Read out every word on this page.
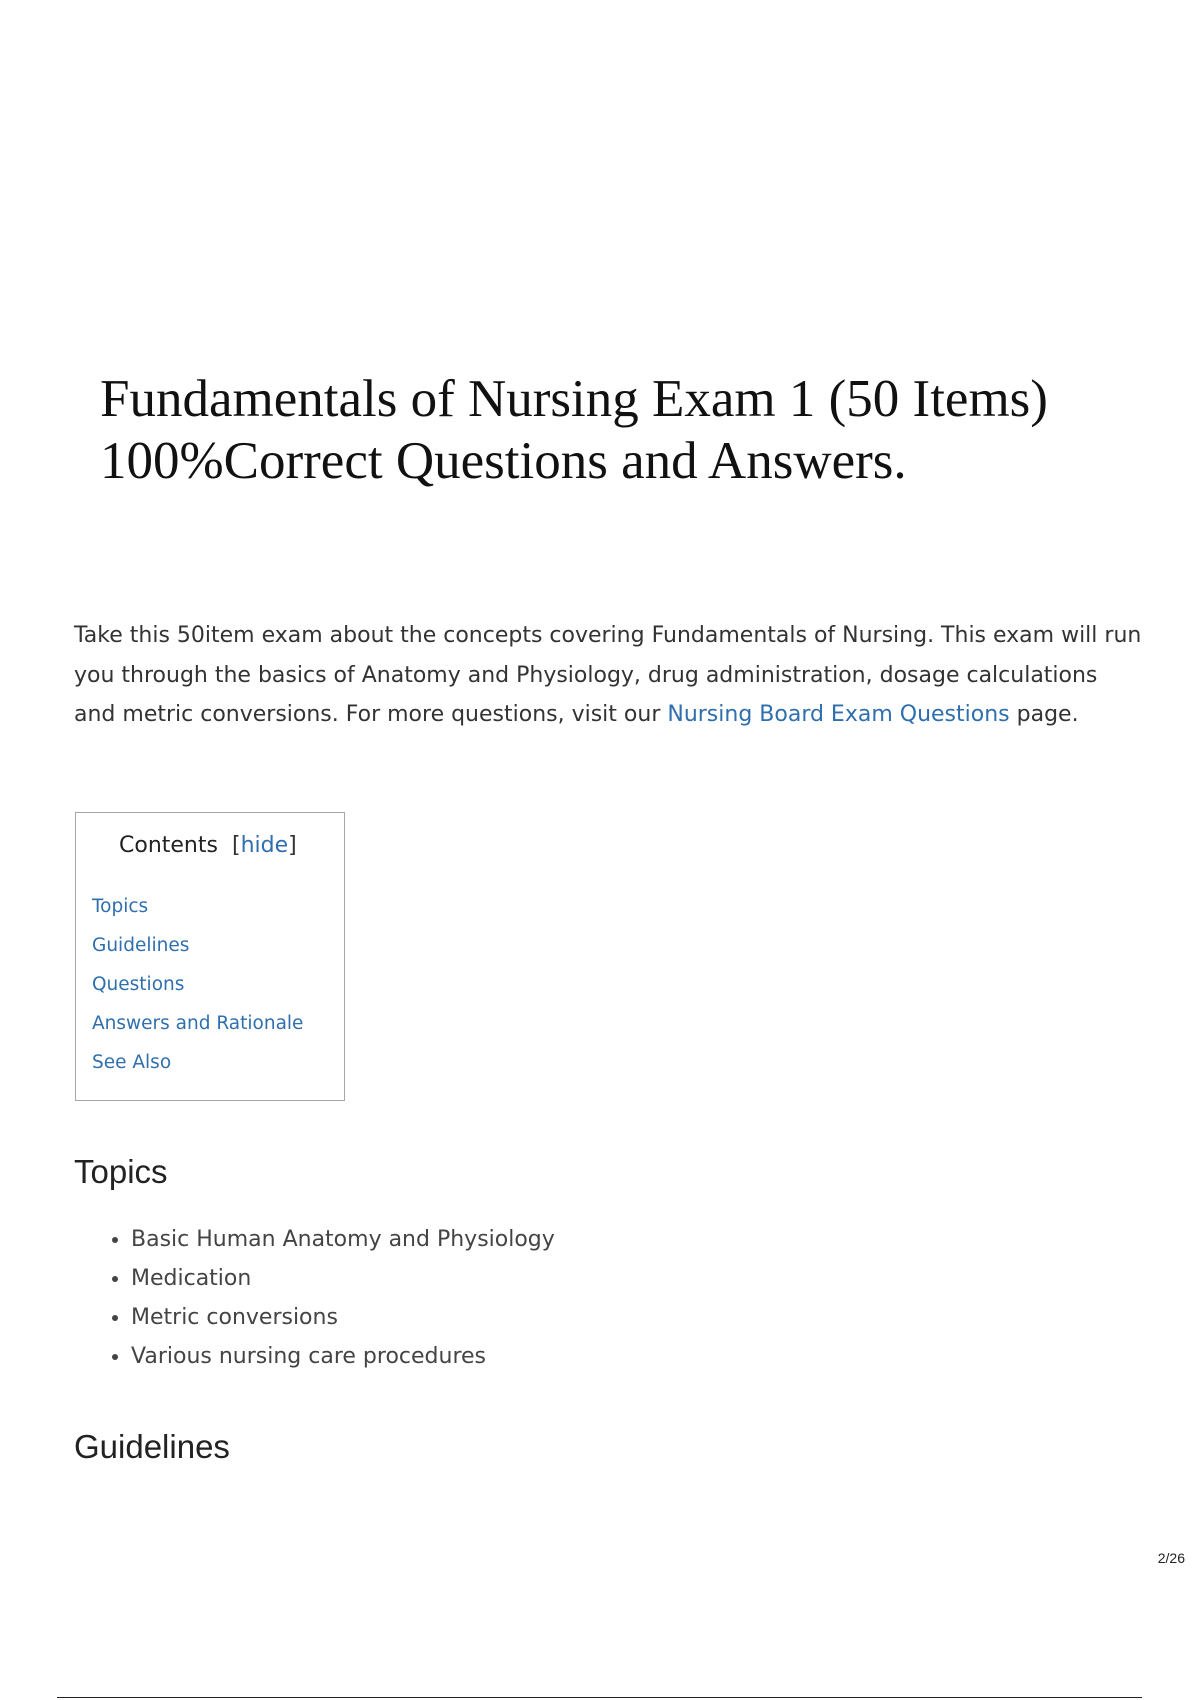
Fundamentals of Nursing Exam 1 (50 Items)
100%Correct Questions and Answers.

Take this 50item exam about the concepts covering Fundamentals of Nursing. This exam will run you through the basics of Anatomy and Physiology, drug administration, dosage calculations and metric conversions. For more questions, visit our Nursing Board Exam Questions page.

Contents [hide]
Topics
Guidelines
Questions
Answers and Rationale
See Also
Topics
• Basic Human Anatomy and Physiology
• Medication
• Metric conversions
• Various nursing care procedures
Guidelines
2/26
